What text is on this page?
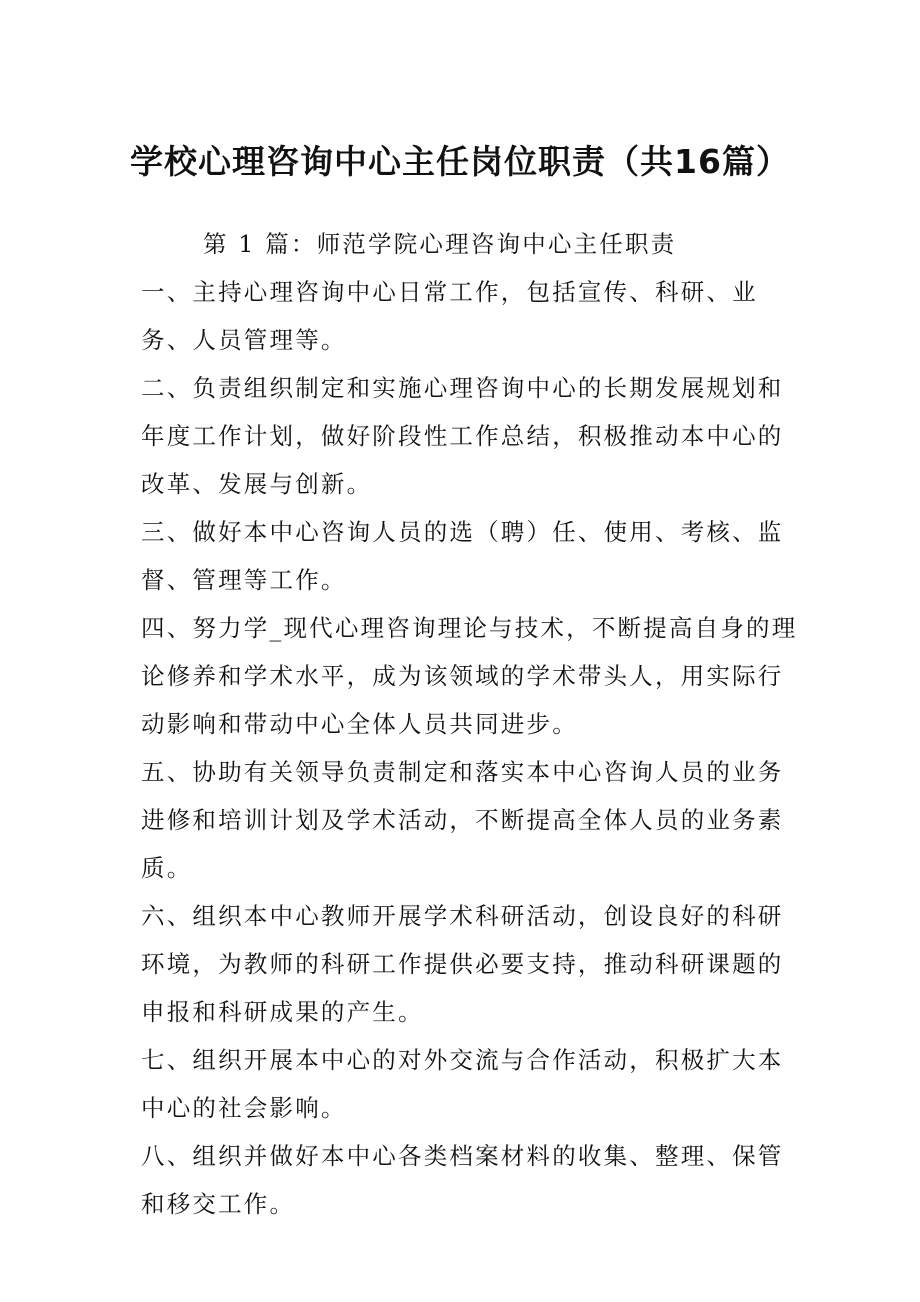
学校心理咨询中心主任岗位职责（共16篇）

第 1 篇：师范学院心理咨询中心主任职责

一、主持心理咨询中心日常工作，包括宣传、科研、业务、人员管理等。

二、负责组织制定和实施心理咨询中心的长期发展规划和年度工作计划，做好阶段性工作总结，积极推动本中心的改革、发展与创新。

三、做好本中心咨询人员的选（聘）任、使用、考核、监督、管理等工作。

四、努力学_现代心理咨询理论与技术，不断提高自身的理论修养和学术水平，成为该领域的学术带头人，用实际行动影响和带动中心全体人员共同进步。

五、协助有关领导负责制定和落实本中心咨询人员的业务进修和培训计划及学术活动，不断提高全体人员的业务素质。

六、组织本中心教师开展学术科研活动，创设良好的科研环境，为教师的科研工作提供必要支持，推动科研课题的申报和科研成果的产生。

七、组织开展本中心的对外交流与合作活动，积极扩大本中心的社会影响。

八、组织并做好本中心各类档案材料的收集、整理、保管和移交工作。
